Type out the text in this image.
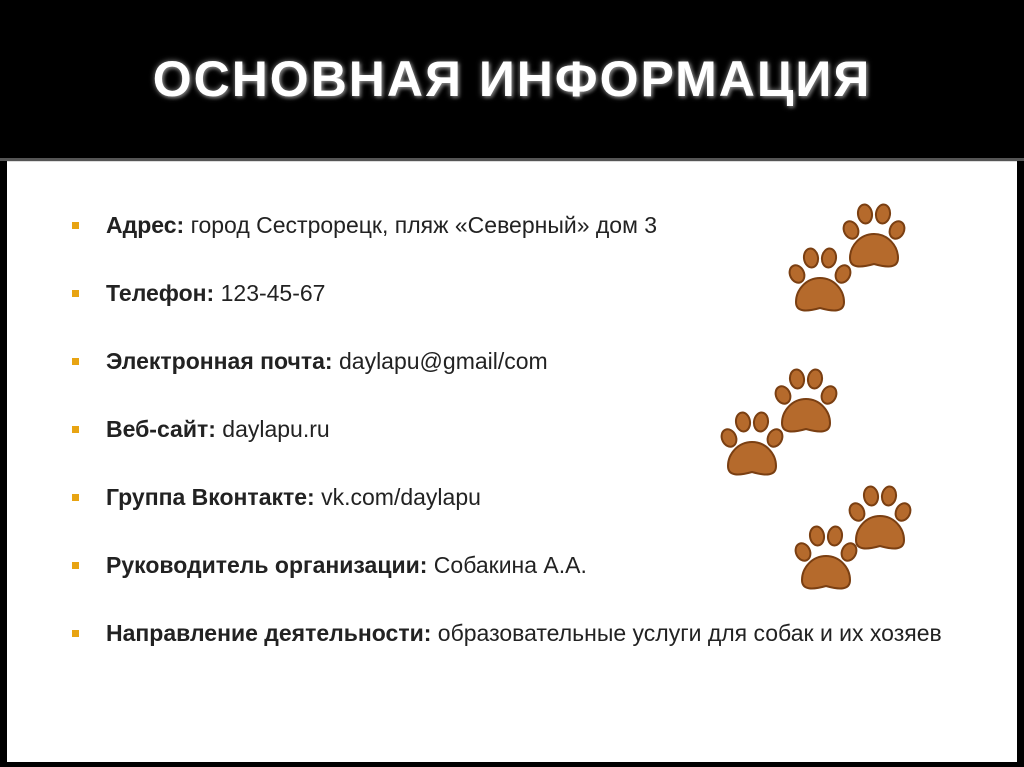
ОСНОВНАЯ ИНФОРМАЦИЯ
Адрес: город Сестрорецк, пляж «Северный» дом 3
Телефон: 123-45-67
Электронная почта: daylapu@gmail/com
Веб-сайт: daylapu.ru
Группа Вконтакте: vk.com/daylapu
Руководитель организации: Собакина А.А.
Направление деятельности: образовательные услуги для собак и их хозяев
